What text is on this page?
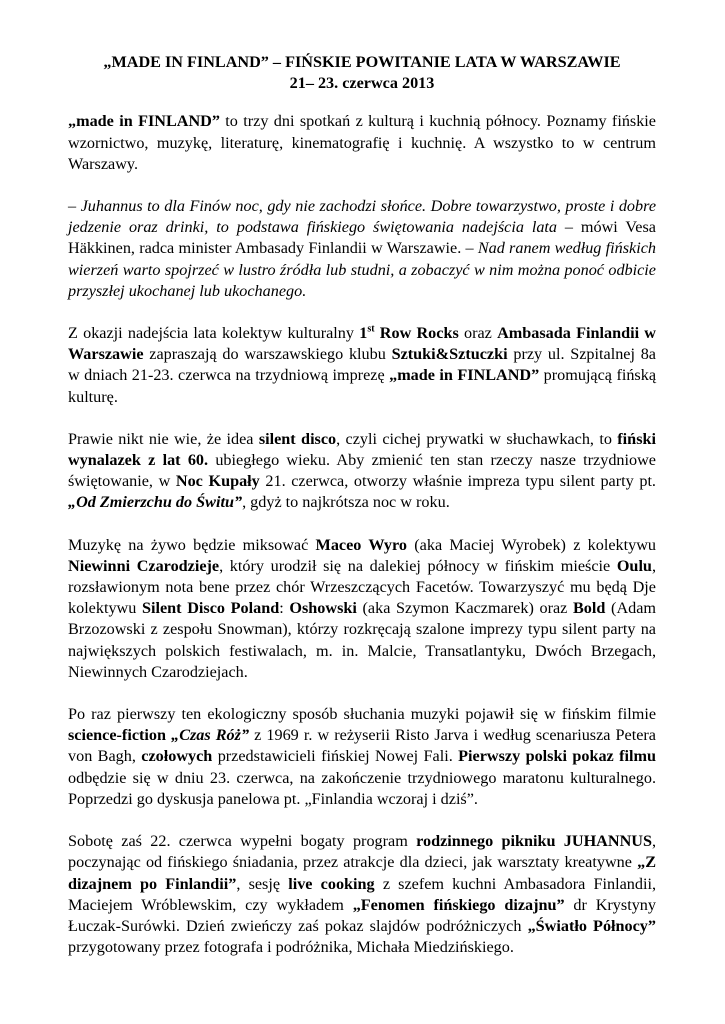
„MADE IN FINLAND” – FIŃSKIE POWITANIE LATA W WARSZAWIE
21– 23. czerwca 2013

„made in FINLAND” to trzy dni spotkań z kulturą i kuchnią północy. Poznamy fińskie wzornictwo, muzykę, literaturę, kinematografię i kuchnię. A wszystko to w centrum Warszawy.

– Juhannus to dla Finów noc, gdy nie zachodzi słońce. Dobre towarzystwo, proste i dobre jedzenie oraz drinki, to podstawa fińskiego świętowania nadejścia lata – mówi Vesa Häkkinen, radca minister Ambasady Finlandii w Warszawie. – Nad ranem według fińskich wierzeń warto spojrzeć w lustro źródła lub studni, a zobaczyć w nim można ponoć odbicie przyszłej ukochanej lub ukochanego.

Z okazji nadejścia lata kolektyw kulturalny 1st Row Rocks oraz Ambasada Finlandii w Warszawie zapraszają do warszawskiego klubu Sztuki&Sztuczki przy ul. Szpitalnej 8a w dniach 21-23. czerwca na trzydniową imprezę „made in FINLAND” promującą fińską kulturę.

Prawie nikt nie wie, że idea silent disco, czyli cichej prywatki w słuchawkach, to fiński wynalazek z lat 60. ubiegłego wieku. Aby zmienić ten stan rzeczy nasze trzydniowe świętowanie, w Noc Kupały 21. czerwca, otworzy właśnie impreza typu silent party pt. „Od Zmierzchu do Świtu”, gdyż to najkrótsza noc w roku.

Muzykę na żywo będzie miksować Maceo Wyro (aka Maciej Wyrobek) z kolektywu Niewinni Czarodzieje, który urodził się na dalekiej północy w fińskim mieście Oulu, rozsławionym nota bene przez chór Wrzeszczących Facetów. Towarzyszyć mu będą Dje kolektywu Silent Disco Poland: Oshowski (aka Szymon Kaczmarek) oraz Bold (Adam Brzozowski z zespołu Snowman), którzy rozkręcają szalone imprezy typu silent party na największych polskich festiwalach, m. in. Malcie, Transatlantyku, Dwóch Brzegach, Niewinnych Czarodziejach.

Po raz pierwszy ten ekologiczny sposób słuchania muzyki pojawił się w fińskim filmie science-fiction „Czas Róż” z 1969 r. w reżyserii Risto Jarva i według scenariusza Petera von Bagh, czołowych przedstawicieli fińskiej Nowej Fali. Pierwszy polski pokaz filmu odbędzie się w dniu 23. czerwca, na zakończenie trzydniowego maratonu kulturalnego. Poprzedzi go dyskusja panelowa pt. „Finlandia wczoraj i dziś”.

Sobotę zaś 22. czerwca wypełni bogaty program rodzinnego pikniku JUHANNUS, poczynając od fińskiego śniadania, przez atrakcje dla dzieci, jak warsztaty kreatywne „Z dizajnem po Finlandii”, sesję live cooking z szefem kuchni Ambasadora Finlandii, Maciejem Wróblewskim, czy wykładem „Fenomen fińskiego dizajnu” dr Krystyny Łuczak-Surówki. Dzień zwieńczy zaś pokaz slajdów podróżniczych „Światło Północy” przygotowany przez fotografa i podróżnika, Michała Miedzińskiego.
